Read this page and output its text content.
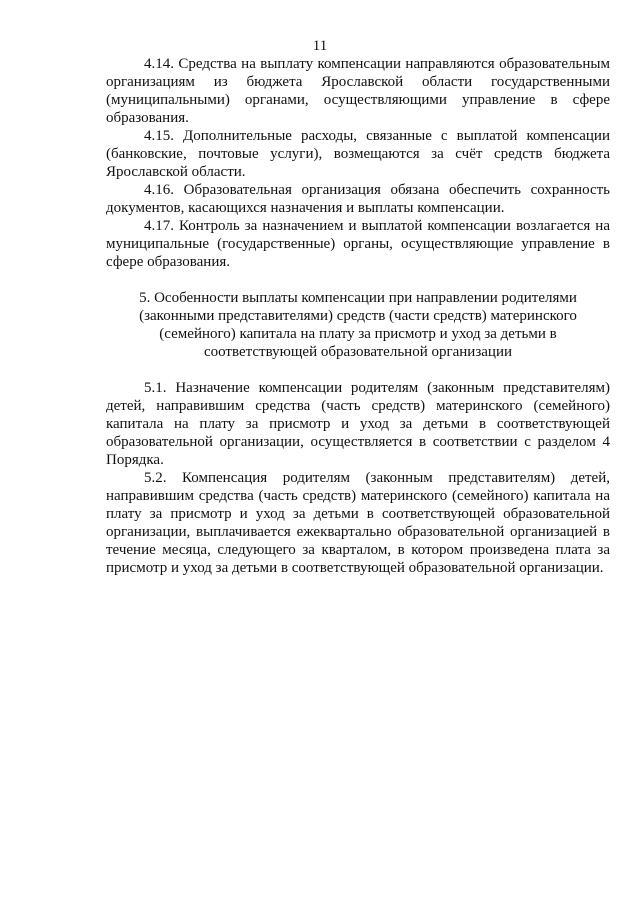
11

4.14. Средства на выплату компенсации направляются образовательным организациям из бюджета Ярославской области государственными (муниципальными) органами, осуществляющими управление в сфере образования.

4.15. Дополнительные расходы, связанные с выплатой компенсации (банковские, почтовые услуги), возмещаются за счёт средств бюджета Ярославской области.

4.16. Образовательная организация обязана обеспечить сохранность документов, касающихся назначения и выплаты компенсации.

4.17. Контроль за назначением и выплатой компенсации возлагается на муниципальные (государственные) органы, осуществляющие управление в сфере образования.

5. Особенности выплаты компенсации при направлении родителями (законными представителями) средств (части средств) материнского (семейного) капитала на плату за присмотр и уход за детьми в соответствующей образовательной организации

5.1. Назначение компенсации родителям (законным представителям) детей, направившим средства (часть средств) материнского (семейного) капитала на плату за присмотр и уход за детьми в соответствующей образовательной организации, осуществляется в соответствии с разделом 4 Порядка.

5.2. Компенсация родителям (законным представителям) детей, направившим средства (часть средств) материнского (семейного) капитала на плату за присмотр и уход за детьми в соответствующей образовательной организации, выплачивается ежеквартально образовательной организацией в течение месяца, следующего за кварталом, в котором произведена плата за присмотр и уход за детьми в соответствующей образовательной организации.
